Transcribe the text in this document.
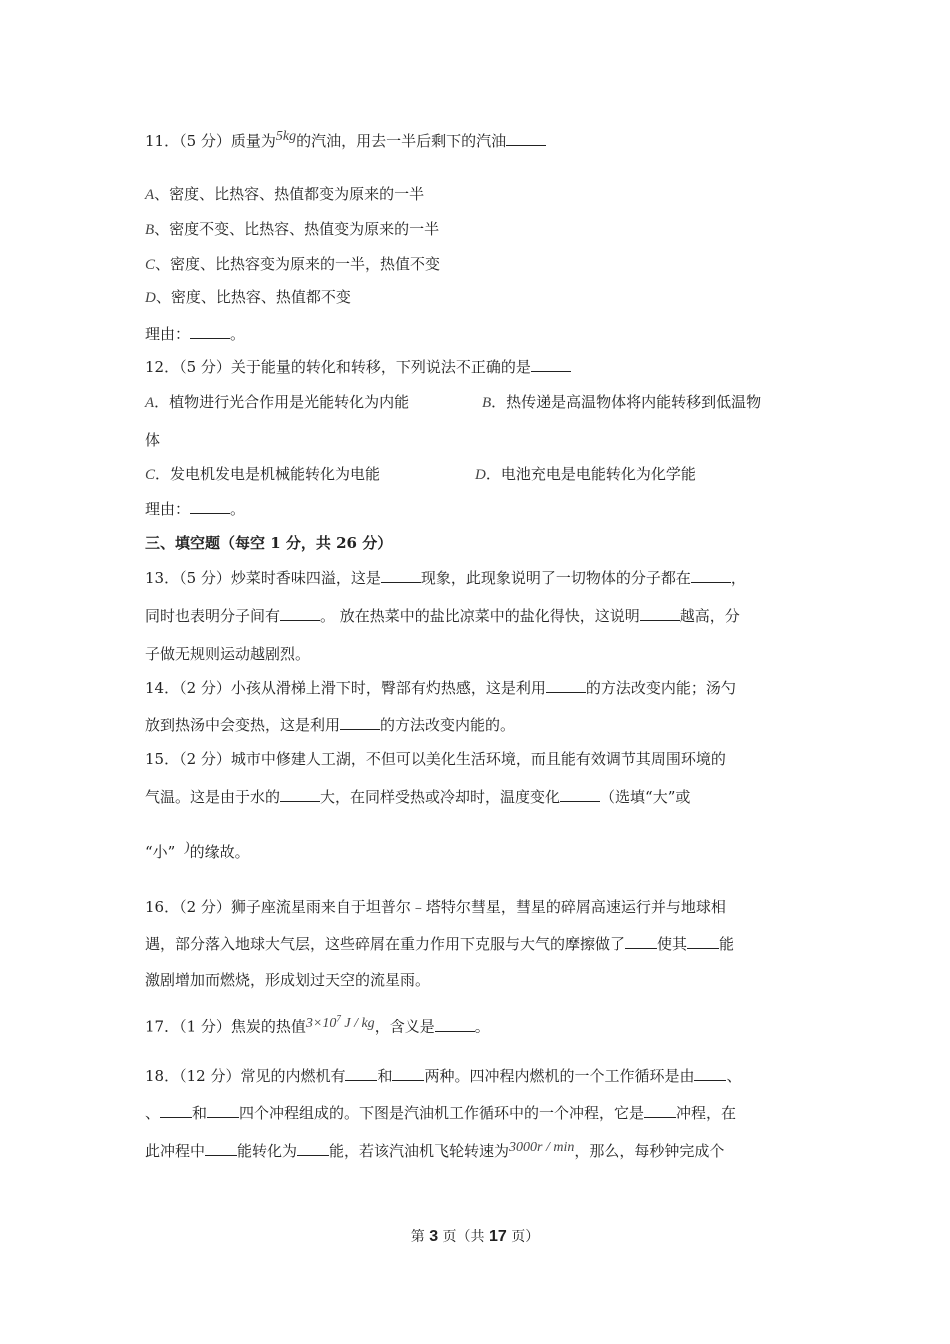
11．（5 分）质量为5kg的汽油，用去一半后剩下的汽油
A、密度、比热容、热值都变为原来的一半
B、密度不变、比热容、热值变为原来的一半
C、密度、比热容变为原来的一半，热值不变
D、密度、比热容、热值都不变
理由：	。
12．（5 分）关于能量的转化和转移，下列说法不正确的是
A．植物进行光合作用是光能转化为内能	B．热传递是高温物体将内能转移到低温物
体
C．发电机发电是机械能转化为电能	D．电池充电是电能转化为化学能
理由：	。
三、填空题（每空 1 分，共 26 分）
13．（5 分）炒菜时香味四溢，这是	现象，此现象说明了一切物体的分子都在	，
同时也表明分子间有	。 放在热菜中的盐比凉菜中的盐化得快，这说明	越高，分
子做无规则运动越剧烈。
14．（2 分）小孩从滑梯上滑下时，臀部有灼热感，这是利用	的方法改变内能；汤勺
放到热汤中会变热，这是利用	的方法改变内能的。
15．（2 分）城市中修建人工湖，不但可以美化生活环境，而且能有效调节其周围环境的
气温。这是由于水的	大，在同样受热或冷却时，温度变化	（选填“大”或
“小” )的缘故。
16．（2 分）狮子座流星雨来自于坦普尔﹣塔特尔彗星，彗星的碎屑高速运行并与地球相
遇，部分落入地球大气层，这些碎屑在重力作用下克服与大气的摩擦做了 使其 能
激剧增加而燃烧，形成划过天空的流星雨。
17．（1 分）焦炭的热值$3\times 10^7$ J / kg，含义是	。
18．（12 分）常见的内燃机有 和 两种。四冲程内燃机的一个工作循环是由 、
、 和 四个冲程组成的。下图是汽油机工作循环中的一个冲程，它是 冲程，在
此冲程中 能转化为 能，若该汽油机飞轮转速为3000r / min，那么，每秒钟完成个
第 3 页（共 17 页）
